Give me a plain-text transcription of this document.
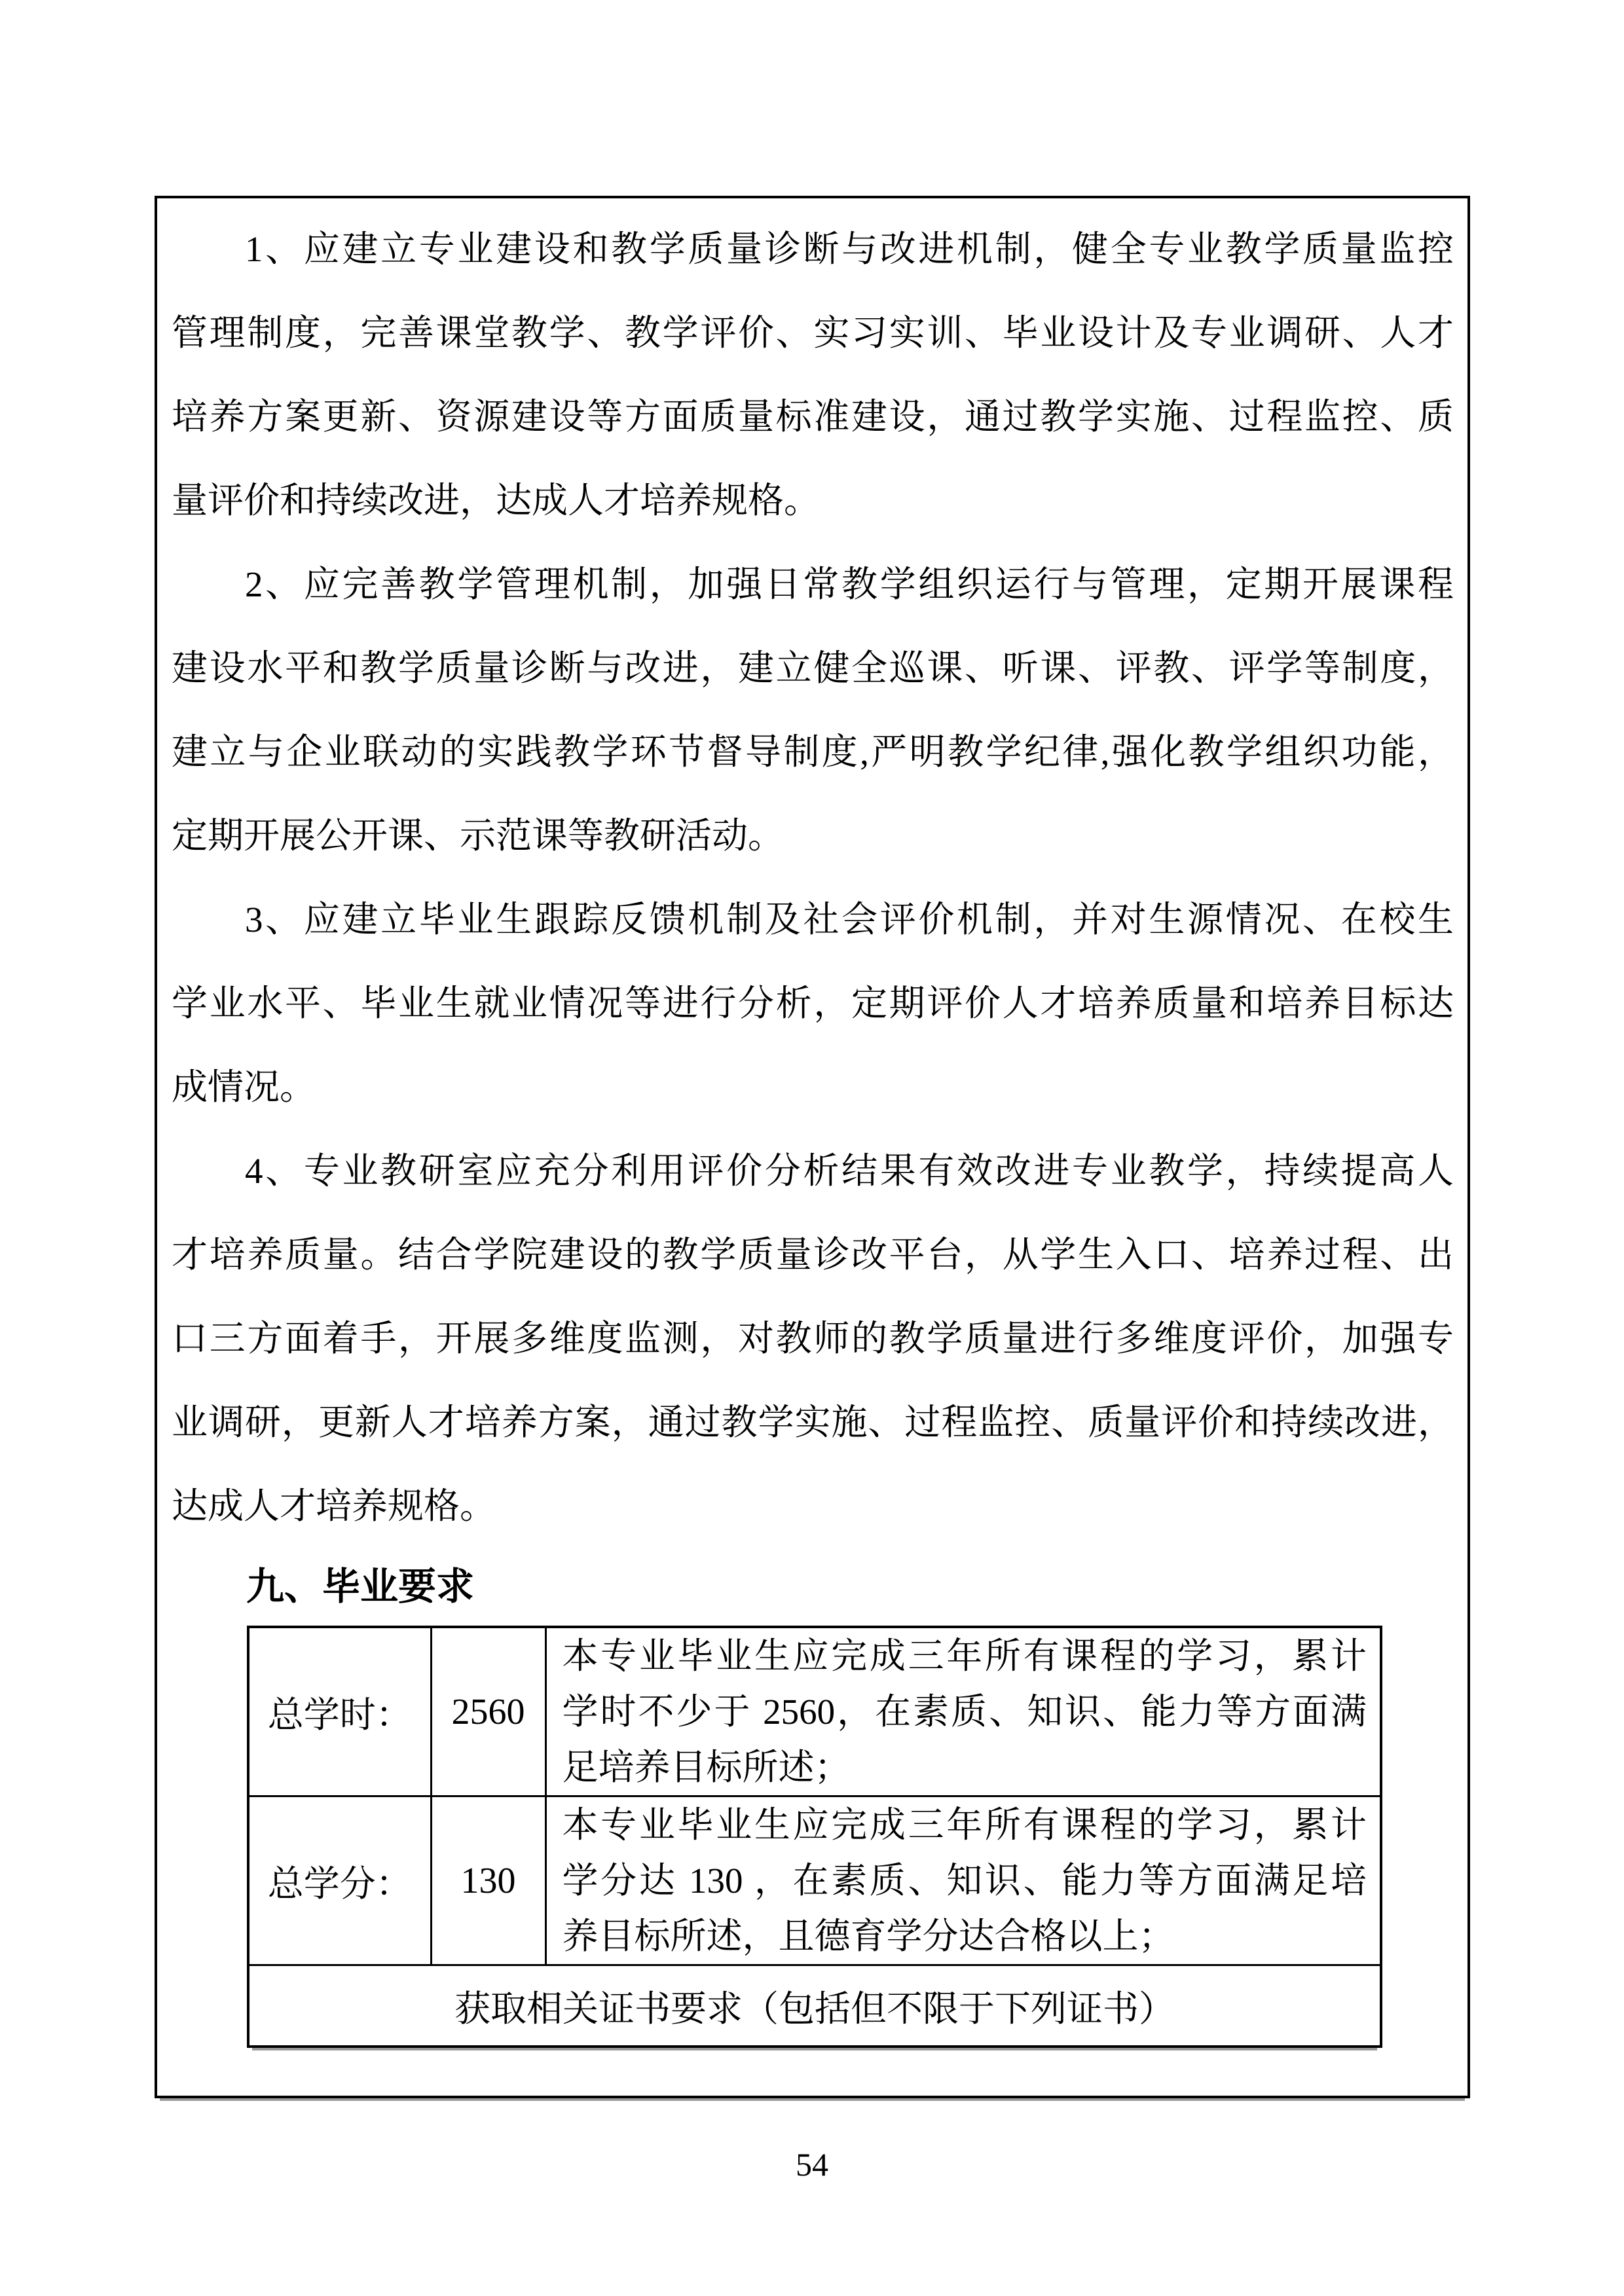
1、应建立专业建设和教学质量诊断与改进机制，健全专业教学质量监控
管理制度，完善课堂教学、教学评价、实习实训、毕业设计及专业调研、人才
培养方案更新、资源建设等方面质量标准建设，通过教学实施、过程监控、质
量评价和持续改进，达成人才培养规格。
2、应完善教学管理机制，加强日常教学组织运行与管理，定期开展课程
建设水平和教学质量诊断与改进，建立健全巡课、听课、评教、评学等制度，
建立与企业联动的实践教学环节督导制度,严明教学纪律,强化教学组织功能，
定期开展公开课、示范课等教研活动。
3、应建立毕业生跟踪反馈机制及社会评价机制，并对生源情况、在校生
学业水平、毕业生就业情况等进行分析，定期评价人才培养质量和培养目标达
成情况。
4、专业教研室应充分利用评价分析结果有效改进专业教学，持续提高人
才培养质量。结合学院建设的教学质量诊改平台，从学生入口、培养过程、出
口三方面着手，开展多维度监测，对教师的教学质量进行多维度评价，加强专
业调研，更新人才培养方案，通过教学实施、过程监控、质量评价和持续改进，
达成人才培养规格。
九、毕业要求
总学时：	2560	本专业毕业生应完成三年所有课程的学习，累计
学时不少于 2560，在素质、知识、能力等方面满
足培养目标所述；

总学分：	130	本专业毕业生应完成三年所有课程的学习，累计
学分达 130 ，在素质、知识、能力等方面满足培
养目标所述，且德育学分达合格以上；

获取相关证书要求（包括但不限于下列证书）		
54
